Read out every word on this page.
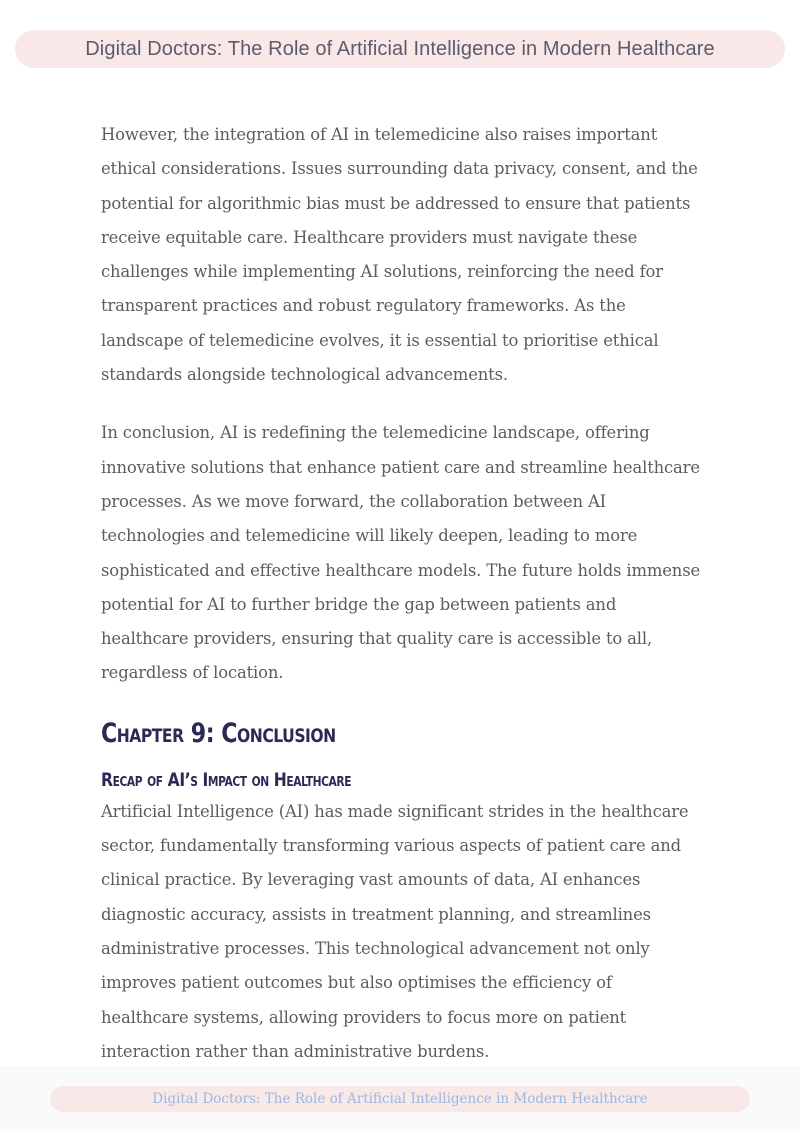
Digital Doctors: The Role of Artificial Intelligence in Modern Healthcare

However, the integration of AI in telemedicine also raises important ethical considerations. Issues surrounding data privacy, consent, and the potential for algorithmic bias must be addressed to ensure that patients receive equitable care. Healthcare providers must navigate these challenges while implementing AI solutions, reinforcing the need for transparent practices and robust regulatory frameworks. As the landscape of telemedicine evolves, it is essential to prioritise ethical standards alongside technological advancements.

In conclusion, AI is redefining the telemedicine landscape, offering innovative solutions that enhance patient care and streamline healthcare processes. As we move forward, the collaboration between AI technologies and telemedicine will likely deepen, leading to more sophisticated and effective healthcare models. The future holds immense potential for AI to further bridge the gap between patients and healthcare providers, ensuring that quality care is accessible to all, regardless of location.

Chapter 9: Conclusion
Recap of AI’s Impact on Healthcare

Artificial Intelligence (AI) has made significant strides in the healthcare sector, fundamentally transforming various aspects of patient care and clinical practice. By leveraging vast amounts of data, AI enhances diagnostic accuracy, assists in treatment planning, and streamlines administrative processes. This technological advancement not only improves patient outcomes but also optimises the efficiency of healthcare systems, allowing providers to focus more on patient interaction rather than administrative burdens.

Digital Doctors: The Role of Artificial Intelligence in Modern Healthcare
